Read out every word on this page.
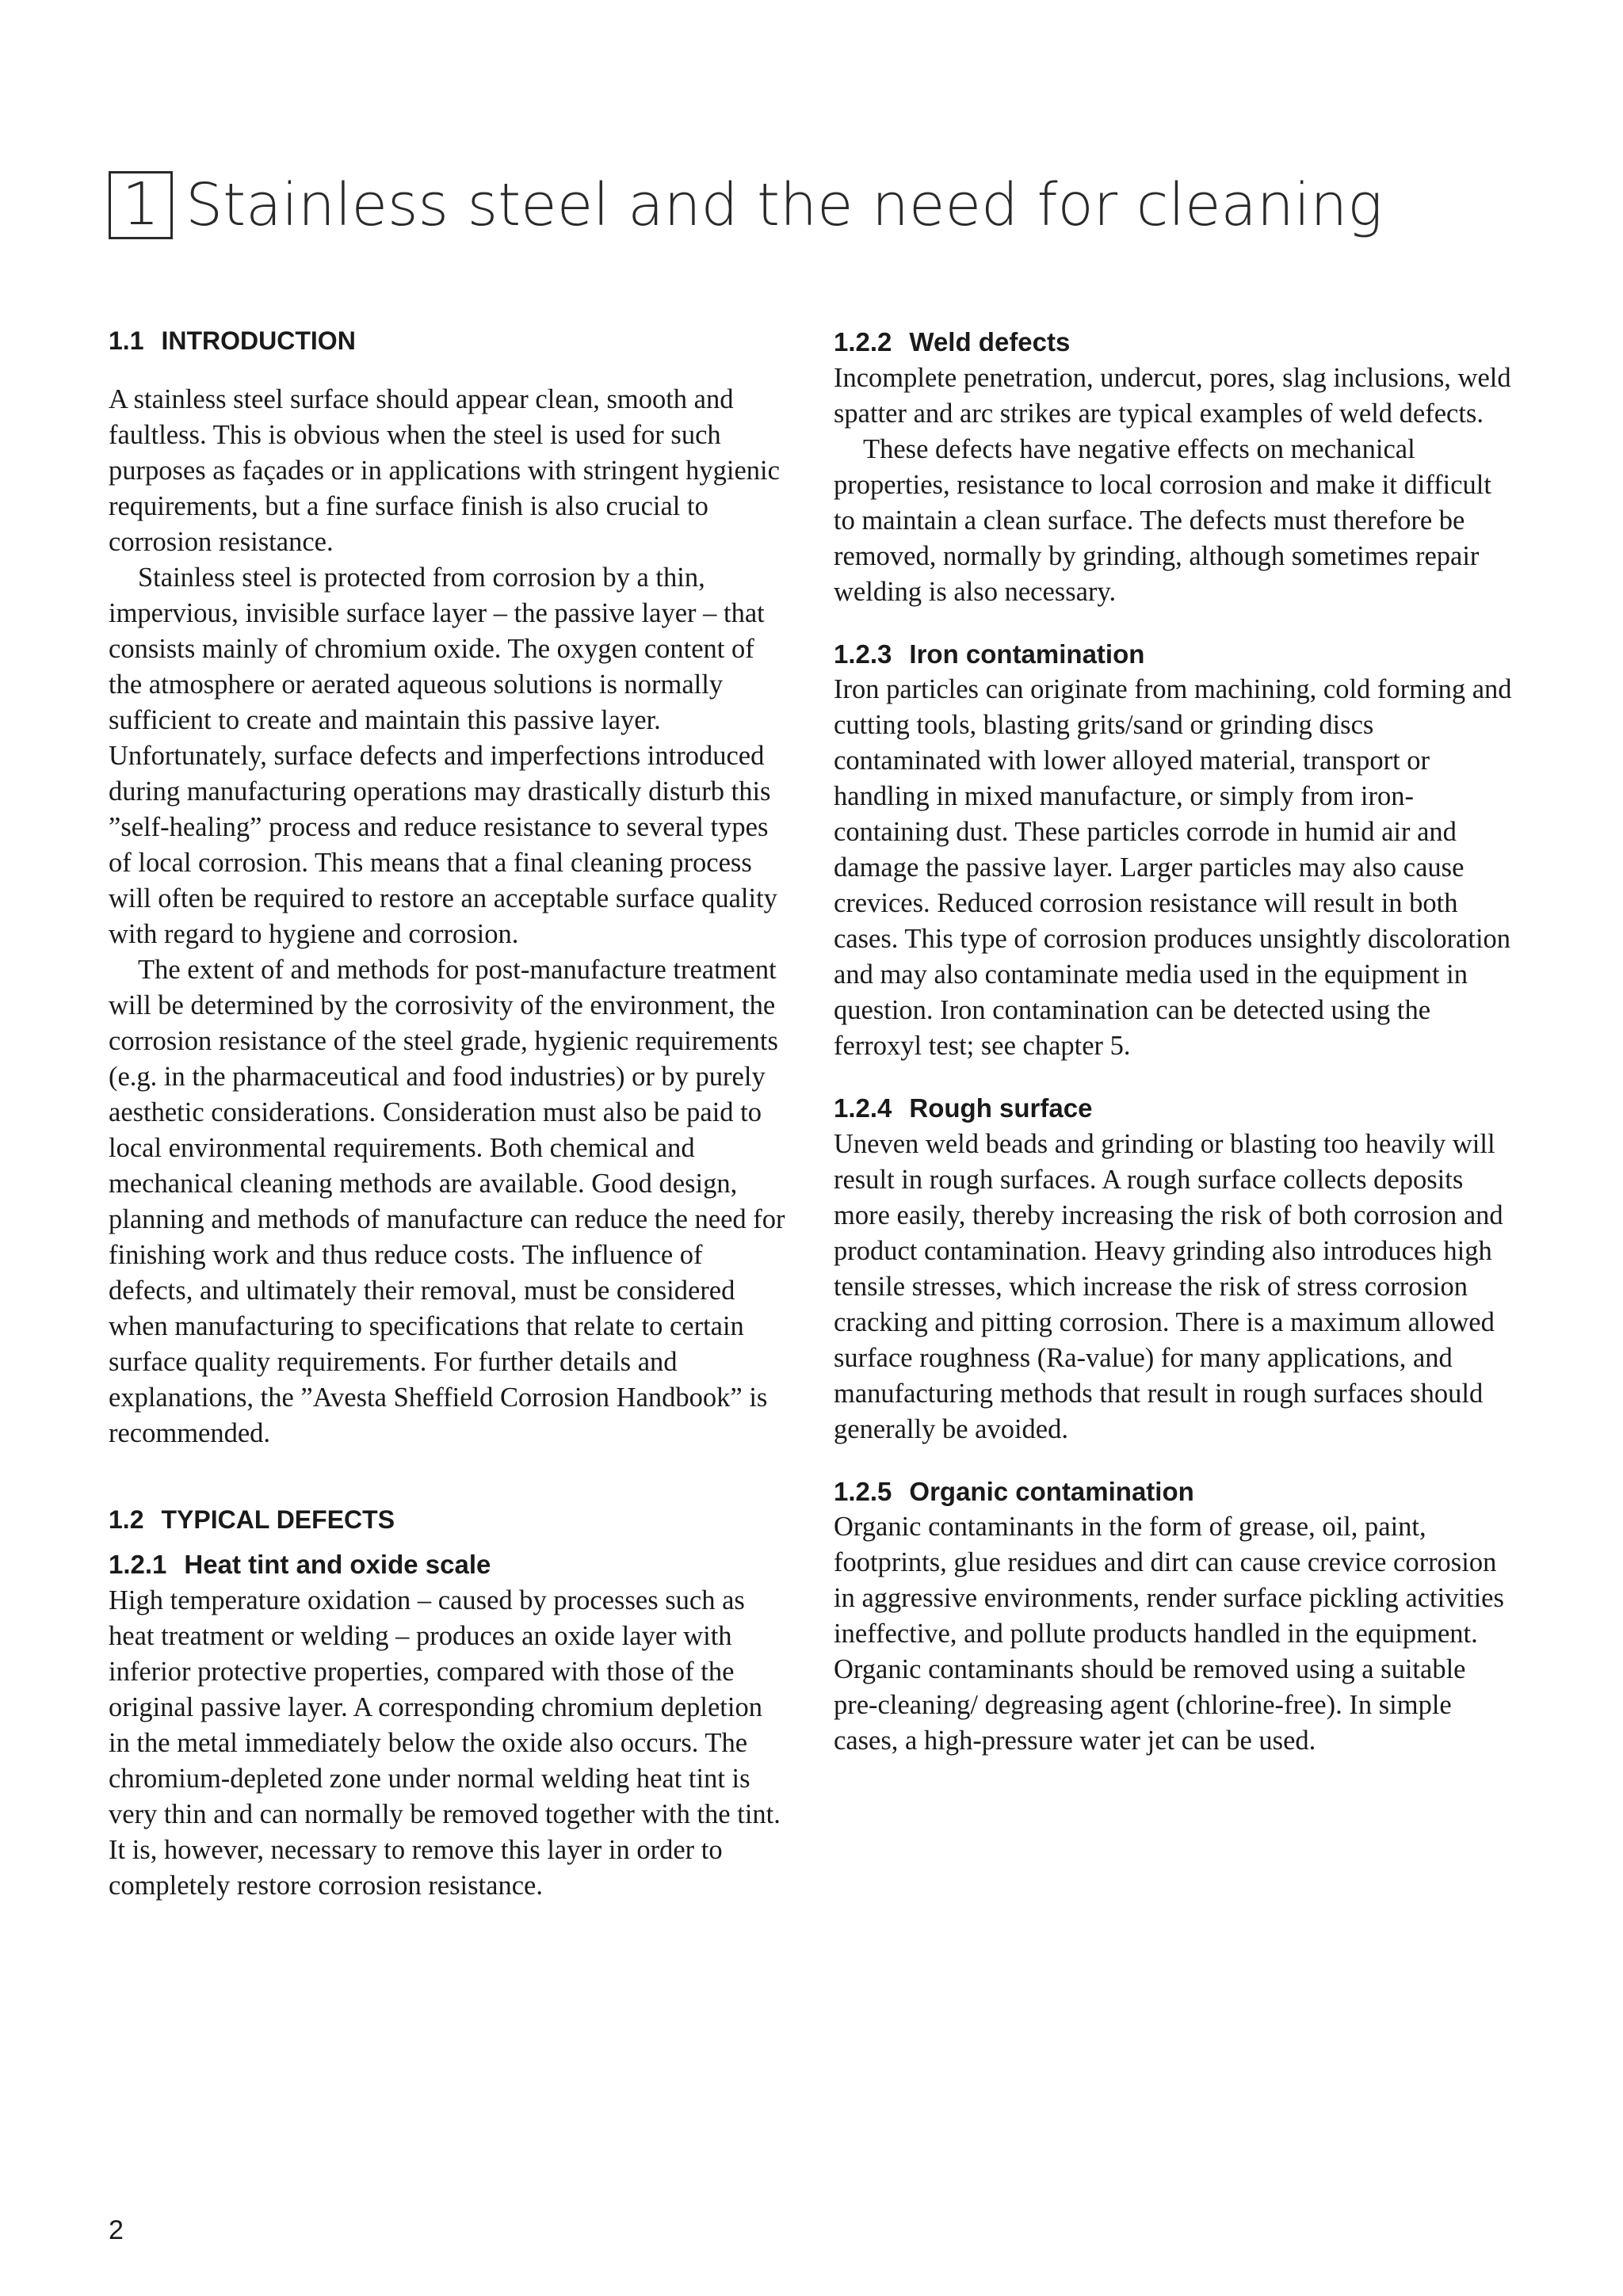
1 Stainless steel and the need for cleaning
1.1 INTRODUCTION

A stainless steel surface should appear clean, smooth and faultless. This is obvious when the steel is used for such purposes as façades or in applications with stringent hygienic requirements, but a fine surface finish is also crucial to corrosion resistance.

Stainless steel is protected from corrosion by a thin, impervious, invisible surface layer – the passive layer – that consists mainly of chromium oxide. The oxygen content of the atmosphere or aerated aqueous solutions is normally sufficient to create and maintain this passive layer. Unfortunately, surface defects and imperfections introduced during manufacturing operations may drastically disturb this ”self-healing” process and reduce resistance to several types of local corrosion. This means that a final cleaning process will often be required to restore an acceptable surface quality with regard to hygiene and corrosion.

The extent of and methods for post-manufacture treatment will be determined by the corrosivity of the environment, the corrosion resistance of the steel grade, hygienic requirements (e.g. in the pharmaceutical and food industries) or by purely aesthetic considerations. Consideration must also be paid to local environmental requirements. Both chemical and mechanical cleaning methods are available. Good design, planning and methods of manufacture can reduce the need for finishing work and thus reduce costs. The influence of defects, and ultimately their removal, must be considered when manufacturing to specifications that relate to certain surface quality requirements. For further details and explanations, the ”Avesta Sheffield Corrosion Handbook” is recommended.

1.2 TYPICAL DEFECTS
1.2.1 Heat tint and oxide scale

High temperature oxidation – caused by processes such as heat treatment or welding – produces an oxide layer with inferior protective properties, compared with those of the original passive layer. A corresponding chromium depletion in the metal immediately below the oxide also occurs. The chromium-depleted zone under normal welding heat tint is very thin and can normally be removed together with the tint. It is, however, necessary to remove this layer in order to completely restore corrosion resistance.

1.2.2 Weld defects

Incomplete penetration, undercut, pores, slag inclusions, weld spatter and arc strikes are typical examples of weld defects.

These defects have negative effects on mechanical properties, resistance to local corrosion and make it difficult to maintain a clean surface. The defects must therefore be removed, normally by grinding, although sometimes repair welding is also necessary.

1.2.3 Iron contamination

Iron particles can originate from machining, cold forming and cutting tools, blasting grits/sand or grinding discs contaminated with lower alloyed material, transport or handling in mixed manufacture, or simply from iron-containing dust. These particles corrode in humid air and damage the passive layer. Larger particles may also cause crevices. Reduced corrosion resistance will result in both cases. This type of corrosion produces unsightly discoloration and may also contaminate media used in the equipment in question. Iron contamination can be detected using the ferroxyl test; see chapter 5.

1.2.4 Rough surface

Uneven weld beads and grinding or blasting too heavily will result in rough surfaces. A rough surface collects deposits more easily, thereby increasing the risk of both corrosion and product contamination. Heavy grinding also introduces high tensile stresses, which increase the risk of stress corrosion cracking and pitting corrosion. There is a maximum allowed surface roughness (Ra-value) for many applications, and manufacturing methods that result in rough surfaces should generally be avoided.

1.2.5 Organic contamination

Organic contaminants in the form of grease, oil, paint, footprints, glue residues and dirt can cause crevice corrosion in aggressive environments, render surface pickling activities ineffective, and pollute products handled in the equipment. Organic contaminants should be removed using a suitable pre-cleaning/ degreasing agent (chlorine-free). In simple cases, a high-pressure water jet can be used.

2
